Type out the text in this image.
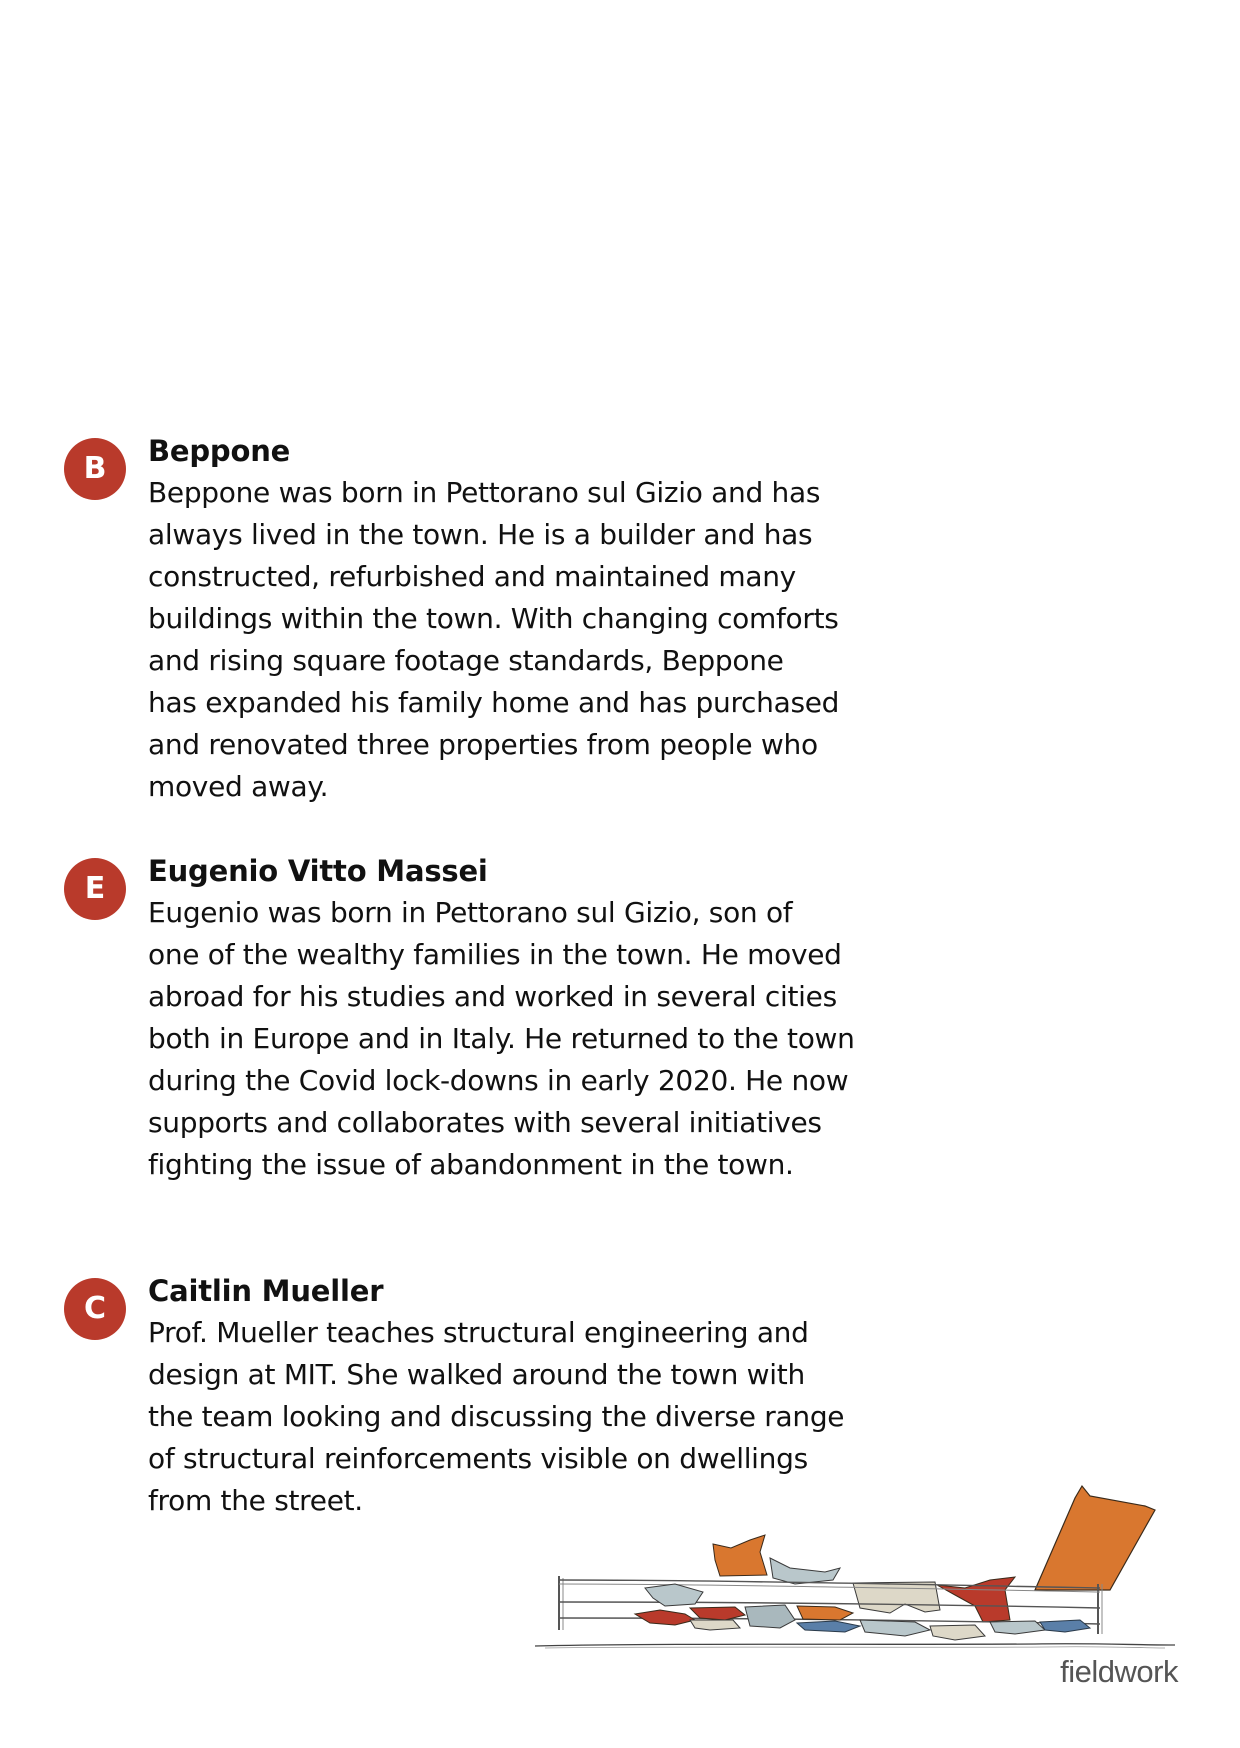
B	Beppone

Beppone was born in Pettorano sul Gizio and has
always lived in the town. He is a builder and has
constructed, refurbished and maintained many
buildings within the town. With changing comforts
and rising square footage standards, Beppone
has expanded his family home and has purchased
and renovated three properties from people who
moved away.

E	Eugenio Vitto Massei

Eugenio was born in Pettorano sul Gizio, son of
one of the wealthy families in the town. He moved
abroad for his studies and worked in several cities
both in Europe and in Italy. He returned to the town
during the Covid lock-downs in early 2020. He now
supports and collaborates with several initiatives
fighting the issue of abandonment in the town.

C	Caitlin Mueller

Prof. Mueller teaches structural engineering and
design at MIT. She walked around the town with
the team looking and discussing the diverse range
of structural reinforcements visible on dwellings
from the street.

fieldwork
